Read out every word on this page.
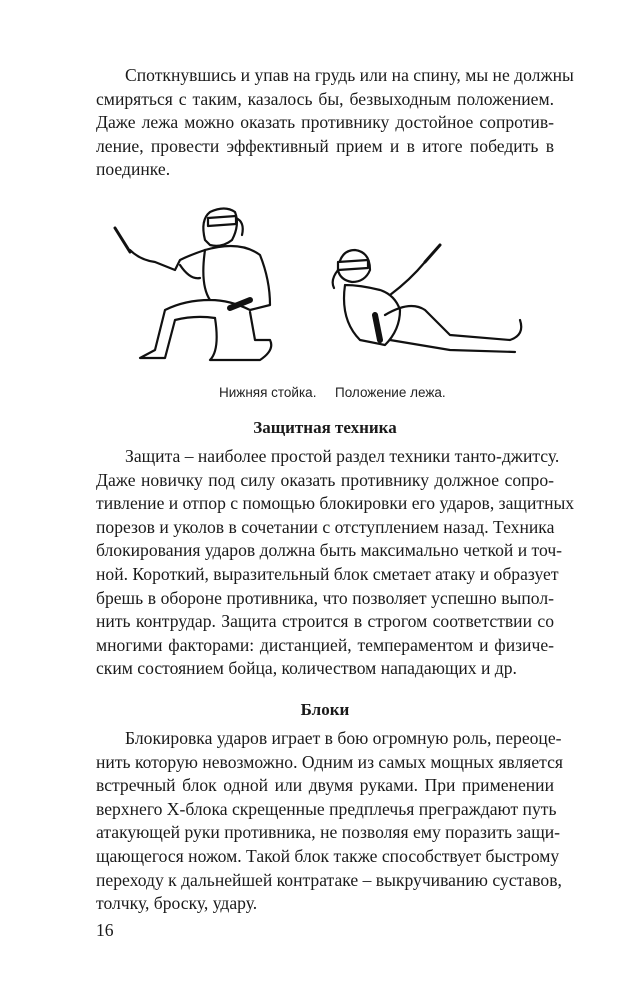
Споткнувшись и упав на грудь или на спину, мы не должны
смиряться с таким, казалось бы, безвыходным положением.
Даже лежа можно оказать противнику достойное сопротив-
ление, провести эффективный прием и в итоге победить в
поединке.
Нижняя стойка. Положение лежа.
Защитная техника
Защита – наиболее простой раздел техники танто-джитсу.
Даже новичку под силу оказать противнику должное сопро-
тивление и отпор с помощью блокировки его ударов, защитных
порезов и уколов в сочетании с отступлением назад. Техника
блокирования ударов должна быть максимально четкой и точ-
ной. Короткий, выразительный блок сметает атаку и образует
брешь в обороне противника, что позволяет успешно выпол-
нить контрудар. Защита строится в строгом соответствии со
многими факторами: дистанцией, темпераментом и физиче-
ским состоянием бойца, количеством нападающих и др.
Блоки
Блокировка ударов играет в бою огромную роль, переоце-
нить которую невозможно. Одним из самых мощных является
встречный блок одной или двумя руками. При применении
верхнего Х-блока скрещенные предплечья преграждают путь
атакующей руки противника, не позволяя ему поразить защи-
щающегося ножом. Такой блок также способствует быстрому
переходу к дальнейшей контратаке – выкручиванию суставов,
толчку, броску, удару.
16
